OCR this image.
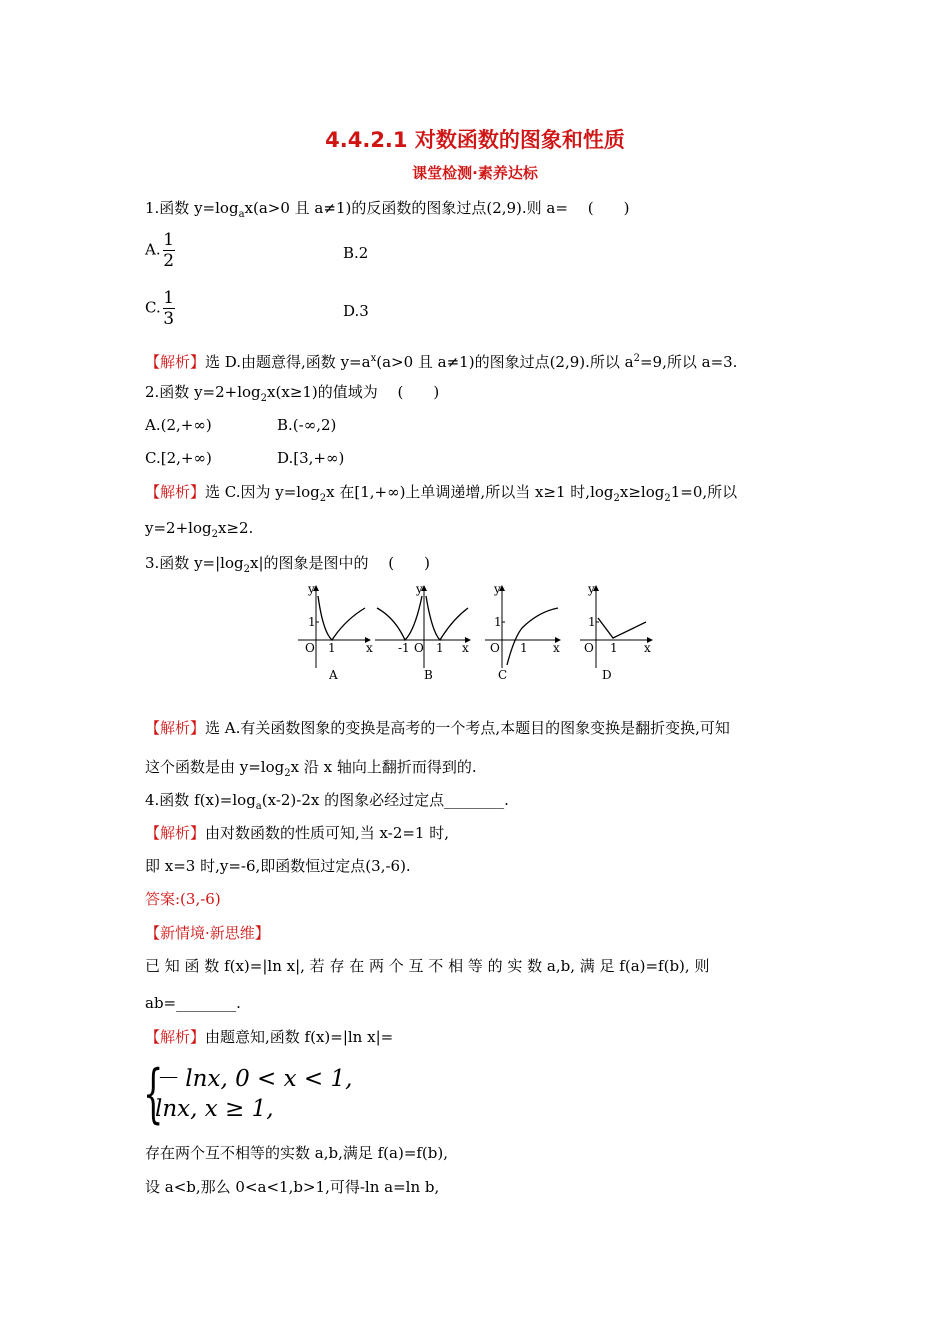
4.4.2.1 对数函数的图象和性质
课堂检测·素养达标
1.函数 $y=\log_ax(a>0$ 且 a≠1)的反函数的图象过点(2,9).则 a=　 (　　)
A. $\frac{1}{2}$	B.2
C. $\frac{1}{3}$	D.3
【解析】选 D.由题意得,函数 $y=a^x(a>0$ 且 a≠1)的图象过点(2,9).所以 $a^2=9$,所以 a=3.
2.函数 $y=2+\log_2x(x\ge 1)$的值域为　 (　　)
A.(2,+∞)	B.(-∞,2)
C.[2,+∞)	D.[3,+∞)
【解析】选 C.因为 $y=\log_2x$ 在[1,+∞)上单调递增,所以当 x≥1 时$,\log_2x\ge\log_21=0$,所以
$y=2+\log_2x\ge 2$.
3.函数 $y=|\log_2x|$的图象是图中的　 (　　)
y
x
O 1
1
A
y
x
O
-1 1
B
y
x
O 1
1
C
y
x
O 1
1
D
【解析】选 A.有关函数图象的变换是高考的一个考点,本题目的图象变换是翻折变换,可知
这个函数是由 $y=\log_2x$ 沿 x 轴向上翻折而得到的.
4.函数 $f(x)=\log_a(x-2)-2x$ 的图象必经过定点________.
【解析】由对数函数的性质可知,当 x-2=1 时,
即 x=3 时,y=-6,即函数恒过定点(3,-6).
答案:(3,-6)
【新情境·新思维】
已 知 函 数 f(x)=|ln x|, 若 存 在 两 个 互 不 相 等 的 实 数 a,b, 满 足 f(a)=f(b), 则
ab=________.
【解析】由题意知,函数 f(x)=|ln x|=
{
－ lnx, 0 < x < 1,
lnx, x ≥ 1,
存在两个互不相等的实数 a,b,满足 f(a)=f(b),
设 a<b,那么 0<a<1,b>1,可得-ln a=ln b,
